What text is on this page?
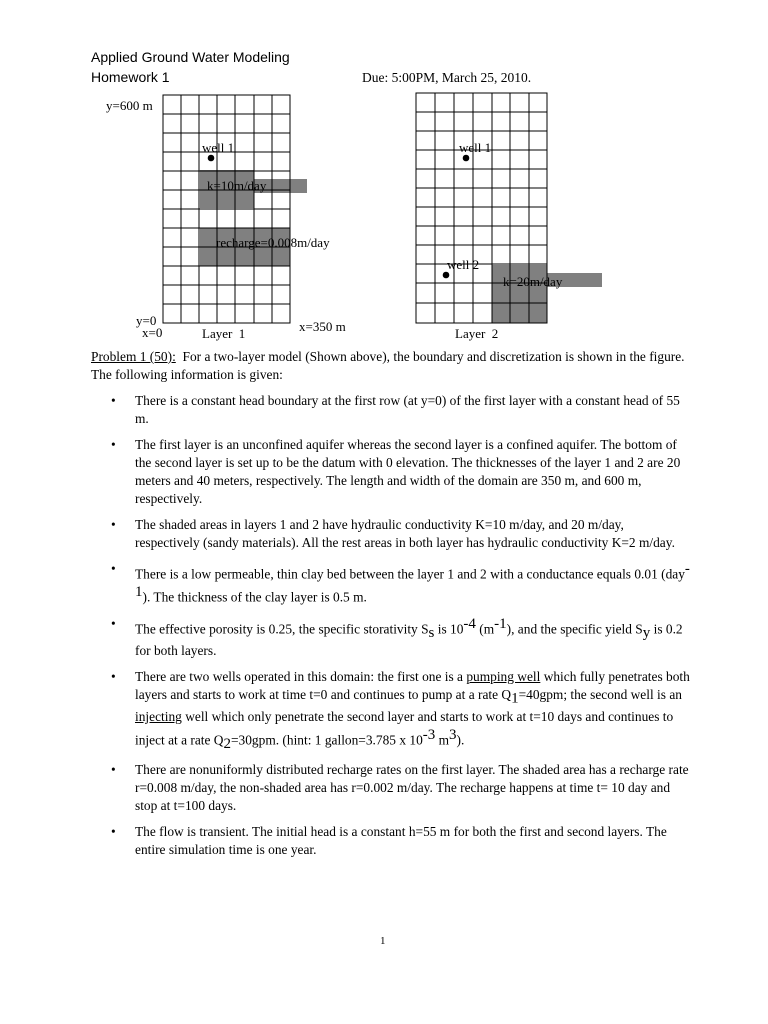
Applied Ground Water Modeling
Homework 1	Due: 5:00PM, March 25, 2010.
y=600 m
y=0
x=0	x=350 m
Layer  1
well 1
k=10m/day
recharge=0.008m/day
Layer  2
well 1
well 2
k=20m/day

Problem 1 (50): For a two-layer model (Shown above), the boundary and discretization is shown in the figure. The following information is given:

• There is a constant head boundary at the first row (at y=0) of the first layer with a constant head of 55 m.
• The first layer is an unconfined aquifer whereas the second layer is a confined aquifer. The bottom of the second layer is set up to be the datum with 0 elevation. The thicknesses of the layer 1 and 2 are 20 meters and 40 meters, respectively. The length and width of the domain are 350 m, and 600 m, respectively.
• The shaded areas in layers 1 and 2 have hydraulic conductivity K=10 m/day, and 20 m/day, respectively (sandy materials). All the rest areas in both layer has hydraulic conductivity K=2 m/day.
• There is a low permeable, thin clay bed between the layer 1 and 2 with a conductance equals 0.01 (day$^{-1}$). The thickness of the clay layer is 0.5 m.
• The effective porosity is 0.25, the specific storativity $S_s$ is $10^{-4}$ $(m^{-1})$, and the specific yield $S_y$ is 0.2 for both layers.
• There are two wells operated in this domain: the first one is a pumping well which fully penetrates both layers and starts to work at time t=0 and continues to pump at a rate $Q_1=40gpm$; the second well is an injecting well which only penetrate the second layer and starts to work at t=10 days and continues to inject at a rate $Q_2=30gpm$. (hint: 1 gallon=3.785 x $10^{-3}$ $m^3$).
• There are nonuniformly distributed recharge rates on the first layer. The shaded area has a recharge rate r=0.008 m/day, the non-shaded area has r=0.002 m/day. The recharge happens at time t= 10 day and stop at t=100 days.
• The flow is transient. The initial head is a constant h=55 m for both the first and second layers. The entire simulation time is one year.
1
